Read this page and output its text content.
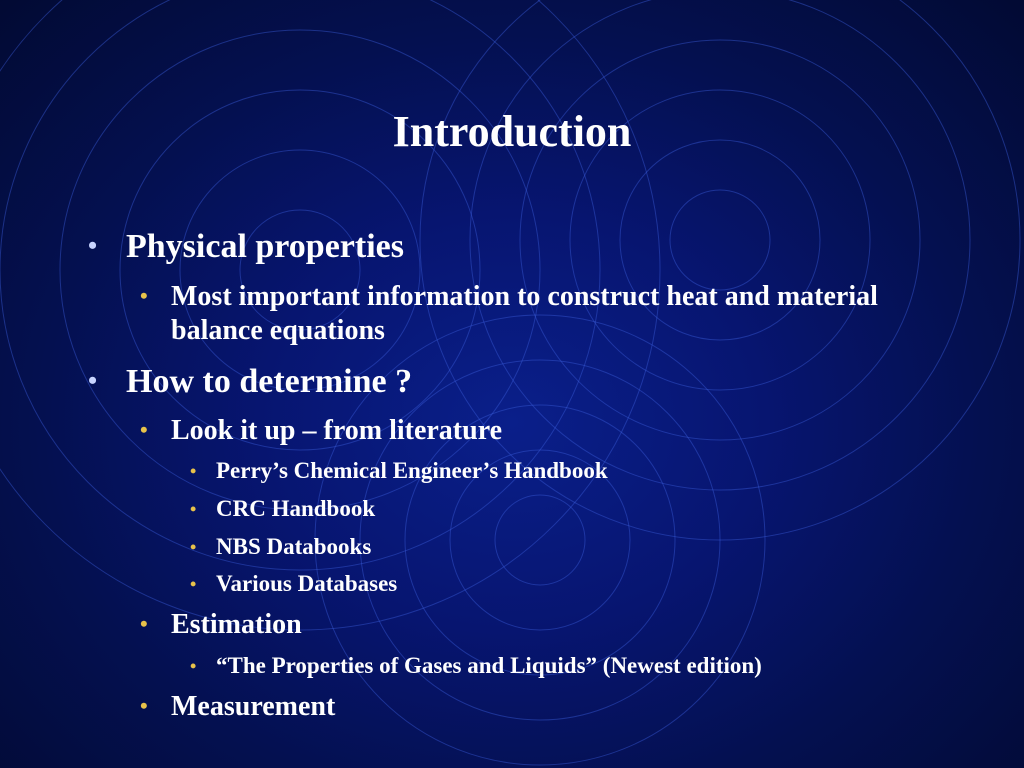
Introduction
• Physical properties
• Most important information to construct heat and material balance equations
• How to determine ?
• Look it up – from literature
• Perry’s Chemical Engineer’s Handbook
• CRC Handbook
• NBS Databooks
• Various Databases
• Estimation
• “The Properties of Gases and Liquids” (Newest edition)
• Measurement
